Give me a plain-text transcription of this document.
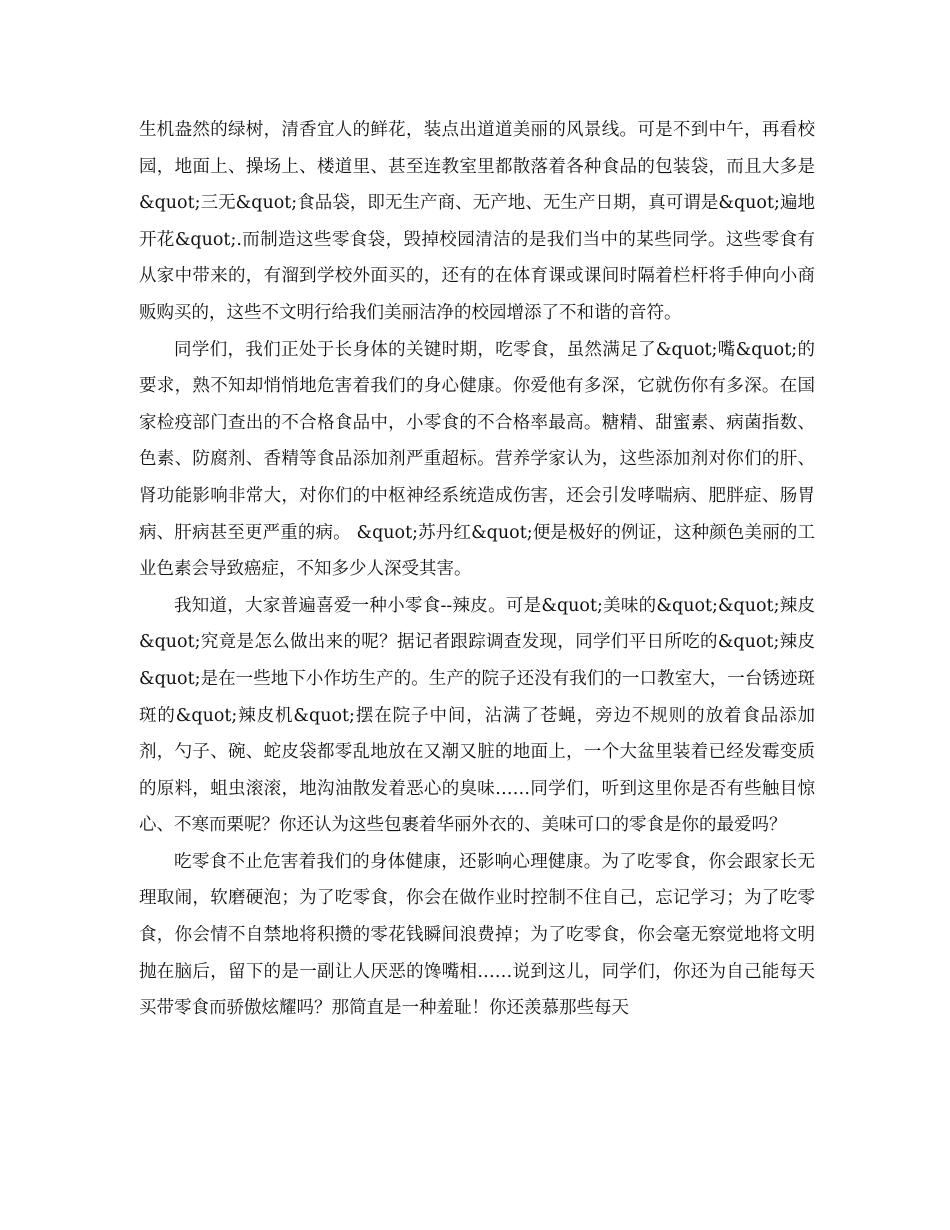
生机盎然的绿树，清香宜人的鲜花，装点出道道美丽的风景线。可是不到中午，再看校园，地面上、操场上、楼道里、甚至连教室里都散落着各种食品的包装袋，而且大多是&quot;三无&quot;食品袋，即无生产商、无产地、无生产日期，真可谓是&quot;遍地开花&quot;.而制造这些零食袋，毁掉校园清洁的是我们当中的某些同学。这些零食有从家中带来的，有溜到学校外面买的，还有的在体育课或课间时隔着栏杆将手伸向小商贩购买的，这些不文明行给我们美丽洁净的校园增添了不和谐的音符。

同学们，我们正处于长身体的关键时期，吃零食，虽然满足了&quot;嘴&quot;的要求，熟不知却悄悄地危害着我们的身心健康。你爱他有多深，它就伤你有多深。在国家检疫部门查出的不合格食品中，小零食的不合格率最高。糖精、甜蜜素、病菌指数、色素、防腐剂、香精等食品添加剂严重超标。营养学家认为，这些添加剂对你们的肝、肾功能影响非常大，对你们的中枢神经系统造成伤害，还会引发哮喘病、肥胖症、肠胃病、肝病甚至更严重的病。 &quot;苏丹红&quot;便是极好的例证，这种颜色美丽的工业色素会导致癌症，不知多少人深受其害。

我知道，大家普遍喜爱一种小零食--辣皮。可是&quot;美味的&quot;&quot;辣皮&quot;究竟是怎么做出来的呢？据记者跟踪调查发现，同学们平日所吃的&quot;辣皮&quot;是在一些地下小作坊生产的。生产的院子还没有我们的一口教室大，一台锈迹斑斑的&quot;辣皮机&quot;摆在院子中间，沾满了苍蝇，旁边不规则的放着食品添加剂，勺子、碗、蛇皮袋都零乱地放在又潮又脏的地面上，一个大盆里装着已经发霉变质的原料，蛆虫滚滚，地沟油散发着恶心的臭味……同学们，听到这里你是否有些触目惊心、不寒而栗呢？你还认为这些包裹着华丽外衣的、美味可口的零食是你的最爱吗？

吃零食不止危害着我们的身体健康，还影响心理健康。为了吃零食，你会跟家长无理取闹，软磨硬泡；为了吃零食，你会在做作业时控制不住自己，忘记学习；为了吃零食，你会情不自禁地将积攒的零花钱瞬间浪费掉；为了吃零食，你会毫无察觉地将文明抛在脑后，留下的是一副让人厌恶的馋嘴相……说到这儿，同学们，你还为自己能每天买带零食而骄傲炫耀吗？那简直是一种羞耻！你还羡慕那些每天
